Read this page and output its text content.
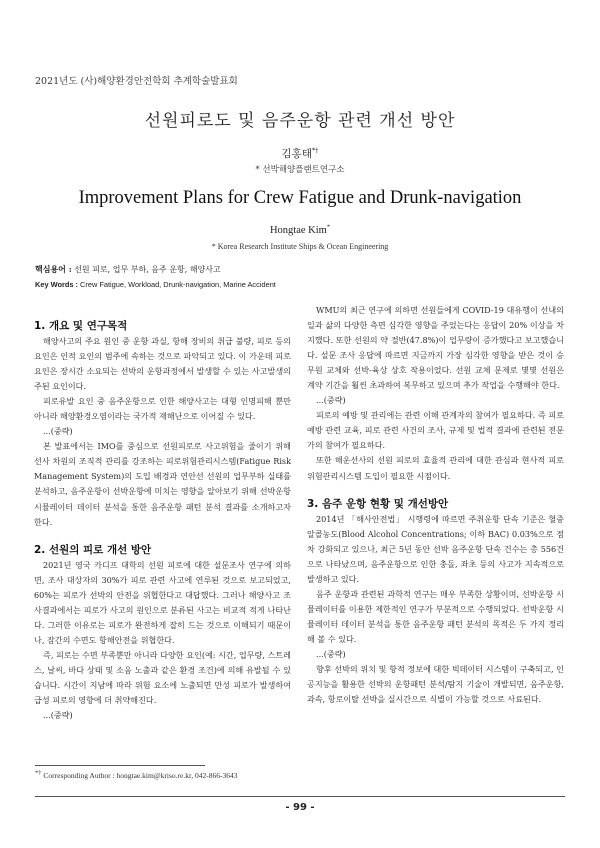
2021년도 (사)해양환경안전학회 추계학술발표회
선원피로도 및 음주운항 관련 개선 방안
김홍태*†
* 선박해양플랜트연구소
Improvement Plans for Crew Fatigue and Drunk-navigation
Hongtae Kim*
* Korea Research Institute Ships & Ocean Engineering
핵심용어 : 선원 피로, 업무 부하, 음주 운항, 해양사고
Key Words : Crew Fatigue, Workload, Drunk-navigation, Marine Accident
1. 개요 및 연구목적

해양사고의 주요 원인 중 운항 과실, 항해 장비의 취급 불량, 피로 등의 요인은 인적 요인의 범주에 속하는 것으로 파악되고 있다. 이 가운데 피로요인은 장시간 소요되는 선박의 운항과정에서 발생할 수 있는 사고발생의 주된 요인이다.

피로유발 요인 중 음주운항으로 인한 해양사고는 대형 인명피해 뿐만 아니라 해양환경오염이라는 국가적 재해난으로 이어질 수 있다.

...(중략)

본 발표에서는 IMO를 중심으로 선원피로로 사고위험을 줄이기 위해 선사 차원의 조직적 관리를 강조하는 피로위험관리시스템(Fatigue Risk Management System)의 도입 배경과 연안선 선원의 업무부하 실태를 분석하고, 음주운항이 선박운항에 미치는 영향을 알아보기 위해 선박운항 시뮬레이터 데이터 분석을 통한 음주운항 패턴 분석 결과를 소개하고자 한다.

2. 선원의 피로 개선 방안

2021년 영국 카디프 대학의 선원 피로에 대한 설문조사 연구에 의하면, 조사 대상자의 30%가 피로 관련 사고에 연루된 것으로 보고되었고, 60%는 피로가 선박의 안전을 위협한다고 대답했다. 그러나 해양사고 조사결과에서는 피로가 사고의 원인으로 분류된 사고는 비교적 적게 나타난다. 그러한 이유로는 피로가 완전하게 잡히 드는 것으로 이해되기 때문이나, 잠간의 수면도 항해안전을 위협한다.

즉, 피로는 수면 부족뿐만 아니라 다양한 요인(예: 시간, 업무량, 스트레스, 날씨, 바다 상태 및 소음 노출과 같은 환경 조건)에 의해 유발될 수 있습니다. 시간이 지남에 따라 위험 요소에 노출되면 만성 피로가 발생하여 급성 피로의 영향에 더 취약해진다.

...(중략)

WMU의 최근 연구에 의하면 선원들에게 COVID-19 대유행이 선내의 일과 삶의 다양한 측면 심각한 영향을 주었는다는 응답이 20% 이상을 차지했다. 또한 선원의 약 절반(47.8%)이 업무량이 증가했다고 보고했습니다. 설문 조사 응답에 따르면 지금까지 가장 심각한 영향을 받은 것이 승무원 교체와 선박-육상 상호 작용이었다. 선원 교체 문제로 몇몇 선원은 계약 기간을 훨씬 초과하여 복무하고 있으며 추가 작업을 수행해야 한다.

...(중략)

피로의 예방 및 관리에는 관련 이해 관계자의 참여가 필요하다. 즉 피로 예방 관련 교육, 피로 관련 사건의 조사, 규제 및 법적 결과에 관련된 전문가의 참여가 필요하다.

또한 해운선사의 선원 피로의 효율적 관리에 대한 관심과 현사적 피로위험관리시스템 도입이 필요한 시점이다.

3. 음주 운항 현황 및 개선방안

2014년 「해사안전법」 시행령에 따르면 주취운항 단속 기준은 혈중알콜농도(Blood Alcohol Concentrations; 이하 BAC) 0.03%으로 점차 강화되고 있으나, 최근 5년 동안 선박 음주운항 단속 건수는 총 556건으로 나타났으며, 음주운항으로 인한 충돌, 좌초 등의 사고가 지속적으로 발생하고 있다.

음주 운항과 관련된 과학적 연구는 매우 부족한 상황이며, 선박운항 시뮬레이터를 이용한 제한적인 연구가 부분적으로 수행되었다. 선박운항 시뮬레이터 데이터 분석을 통한 음주운항 패턴 분석의 목적은 두 가지 정리해 볼 수 있다.

...(중략)

향후 선박의 위치 및 항적 정보에 대한 빅데이터 시스템이 구축되고, 인공지능을 활용한 선박의 운항패턴 분석/탐지 기술이 개발되면, 음주운항, 과속, 항로이탈 선박을 실시간으로 식별이 가능할 것으로 사료된다.

*† Corresponding Author : hongtae.kim@kriso.re.kr, 042-866-3643
- 99 -
